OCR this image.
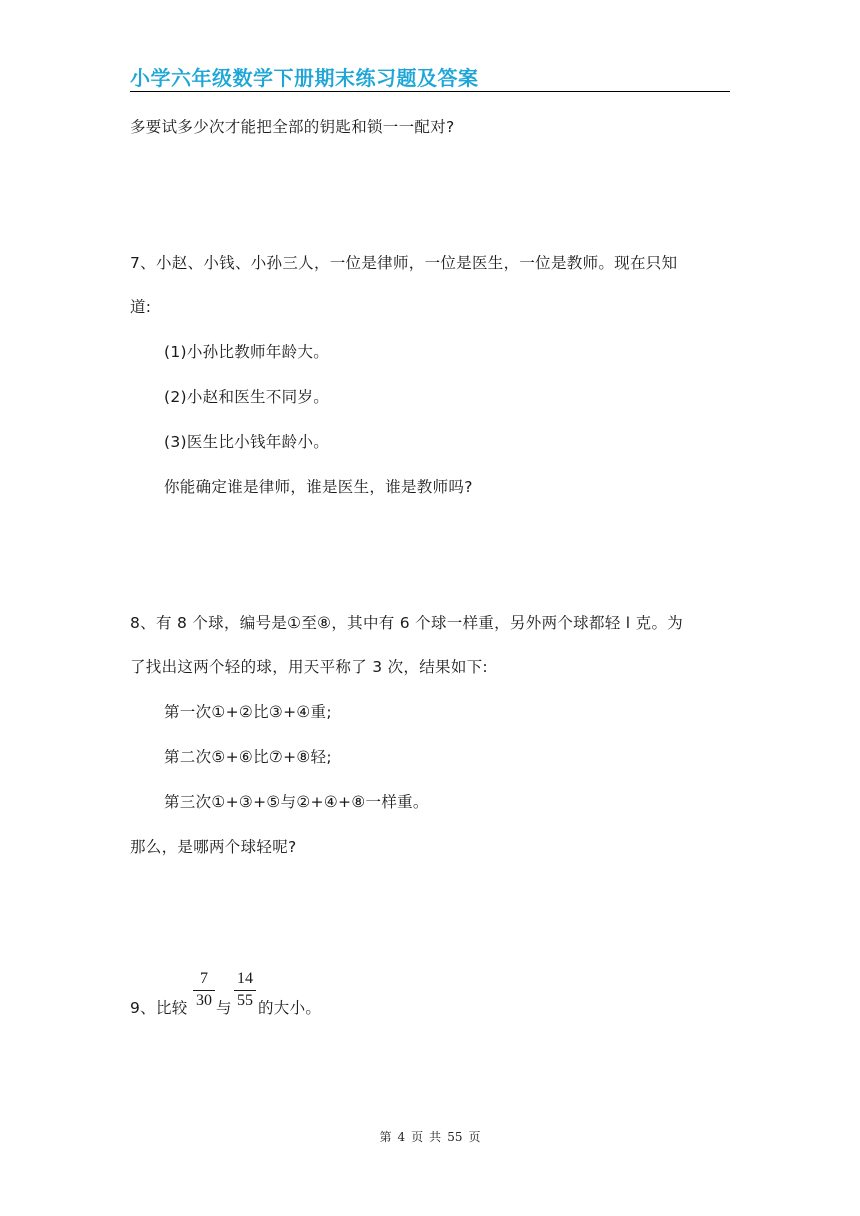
小学六年级数学下册期末练习题及答案
多要试多少次才能把全部的钥匙和锁一一配对?
7、小赵、小钱、小孙三人，一位是律师，一位是医生，一位是教师。现在只知
道:
(1)小孙比教师年龄大。
(2)小赵和医生不同岁。
(3)医生比小钱年龄小。
你能确定谁是律师，谁是医生，谁是教师吗?
8、有 8 个球，编号是①至⑧，其中有 6 个球一样重，另外两个球都轻 l 克。为
了找出这两个轻的球，用天平称了 3 次，结果如下:
第一次①+②比③+④重;
第二次⑤+⑥比⑦+⑧轻;
第三次①+③+⑤与②+④+⑧一样重。
那么，是哪两个球轻呢?
9、比较
7
30 与
14
55 的大小。
第 4 页 共 55 页
